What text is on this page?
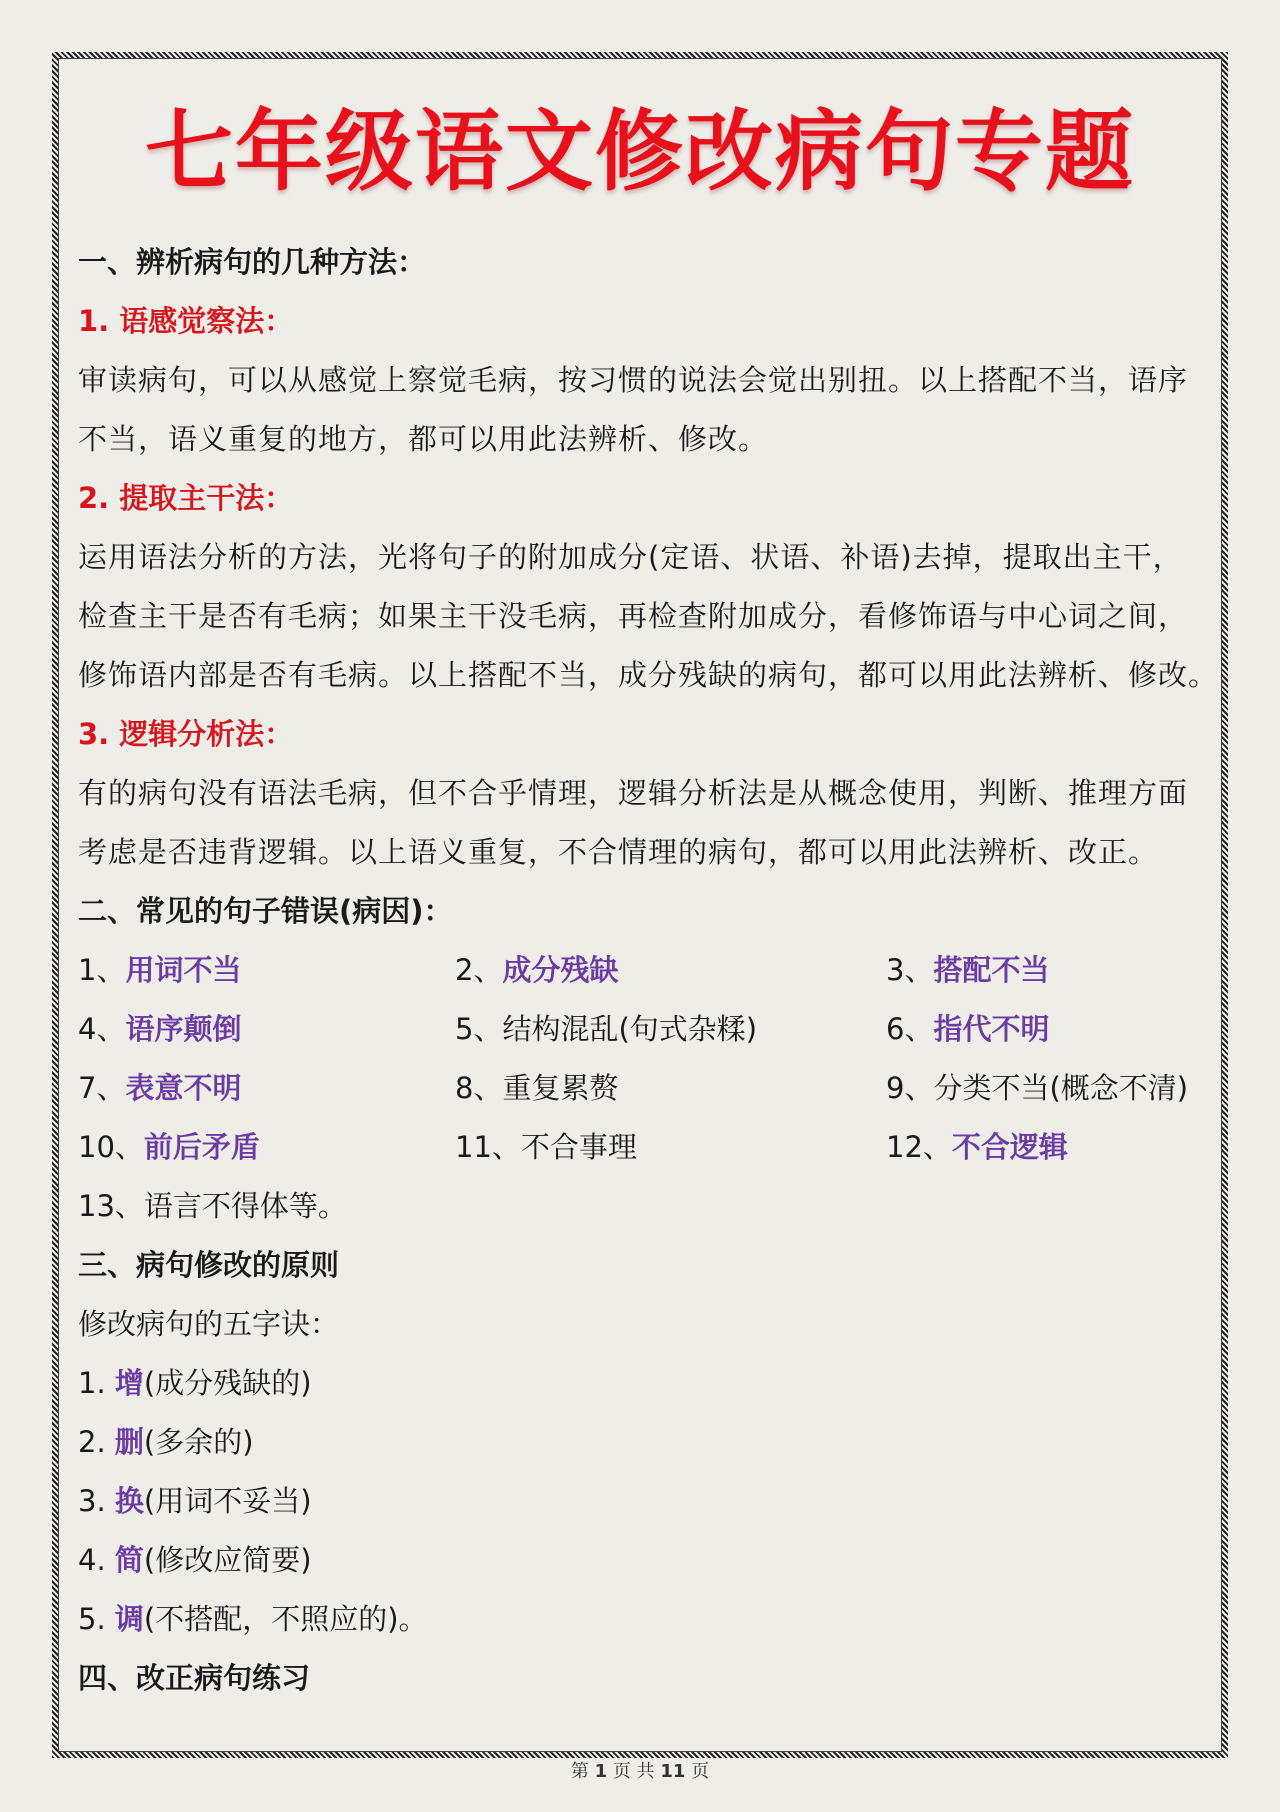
七年级语文修改病句专题
一、辨析病句的几种方法：
1. 语感觉察法：
审读病句，可以从感觉上察觉毛病，按习惯的说法会觉出别扭。以上搭配不当，语序
不当，语义重复的地方，都可以用此法辨析、修改。
2. 提取主干法：
运用语法分析的方法，光将句子的附加成分(定语、状语、补语)去掉，提取出主干，
检查主干是否有毛病；如果主干没毛病，再检查附加成分，看修饰语与中心词之间，
修饰语内部是否有毛病。以上搭配不当，成分残缺的病句，都可以用此法辨析、修改。
3. 逻辑分析法：
有的病句没有语法毛病，但不合乎情理，逻辑分析法是从概念使用，判断、推理方面
考虑是否违背逻辑。以上语义重复，不合情理的病句，都可以用此法辨析、改正。
二、常见的句子错误(病因)：
1、用词不当	2、成分残缺	3、搭配不当
4、语序颠倒	5、结构混乱(句式杂糅)	6、指代不明
7、表意不明	8、重复累赘	9、分类不当(概念不清)
10、前后矛盾	11、不合事理	12、不合逻辑
13、语言不得体等。
三、病句修改的原则
修改病句的五字诀：
1. 增(成分残缺的)
2. 删(多余的)
3. 换(用词不妥当)
4. 简(修改应简要)
5. 调(不搭配，不照应的)。
四、改正病句练习
第 1 页 共 11 页
